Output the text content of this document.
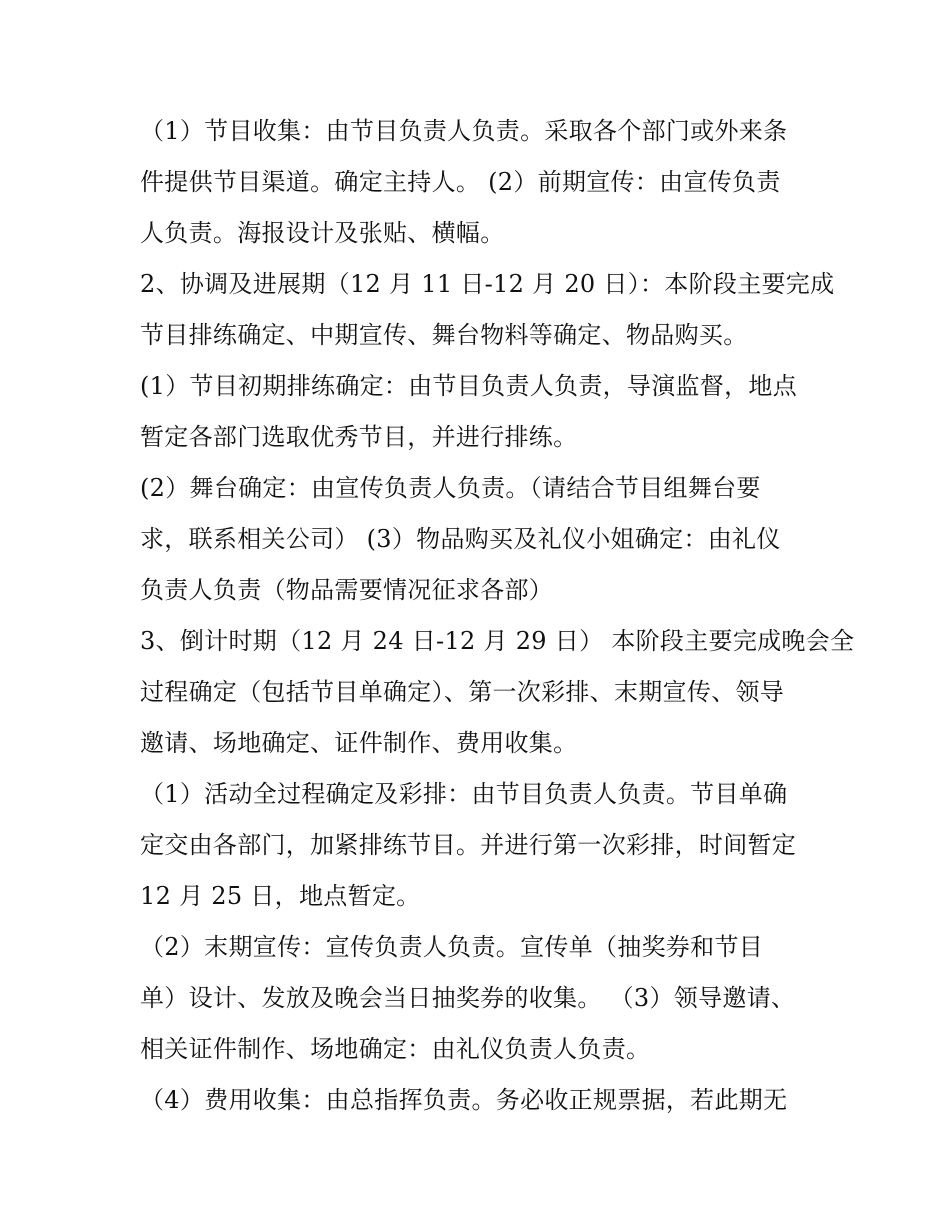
（1）节目收集：由节目负责人负责。采取各个部门或外来条
件提供节目渠道。确定主持人。 (2）前期宣传：由宣传负责
人负责。海报设计及张贴、横幅。
2、协调及进展期（12 月 11 日-12 月 20 日）：本阶段主要完成
节目排练确定、中期宣传、舞台物料等确定、物品购买。
(1）节目初期排练确定：由节目负责人负责，导演监督，地点
暂定各部门选取优秀节目，并进行排练。
(2）舞台确定：由宣传负责人负责。（请结合节目组舞台要
求，联系相关公司） (3）物品购买及礼仪小姐确定：由礼仪
负责人负责（物品需要情况征求各部）
3、倒计时期（12 月 24 日-12 月 29 日） 本阶段主要完成晚会全
过程确定（包括节目单确定）、第一次彩排、末期宣传、领导
邀请、场地确定、证件制作、费用收集。
（1）活动全过程确定及彩排：由节目负责人负责。节目单确
定交由各部门，加紧排练节目。并进行第一次彩排，时间暂定
12 月 25 日，地点暂定。
（2）末期宣传：宣传负责人负责。宣传单（抽奖券和节目
单）设计、发放及晚会当日抽奖券的收集。 （3）领导邀请、
相关证件制作、场地确定：由礼仪负责人负责。
（4）费用收集：由总指挥负责。务必收正规票据，若此期无
